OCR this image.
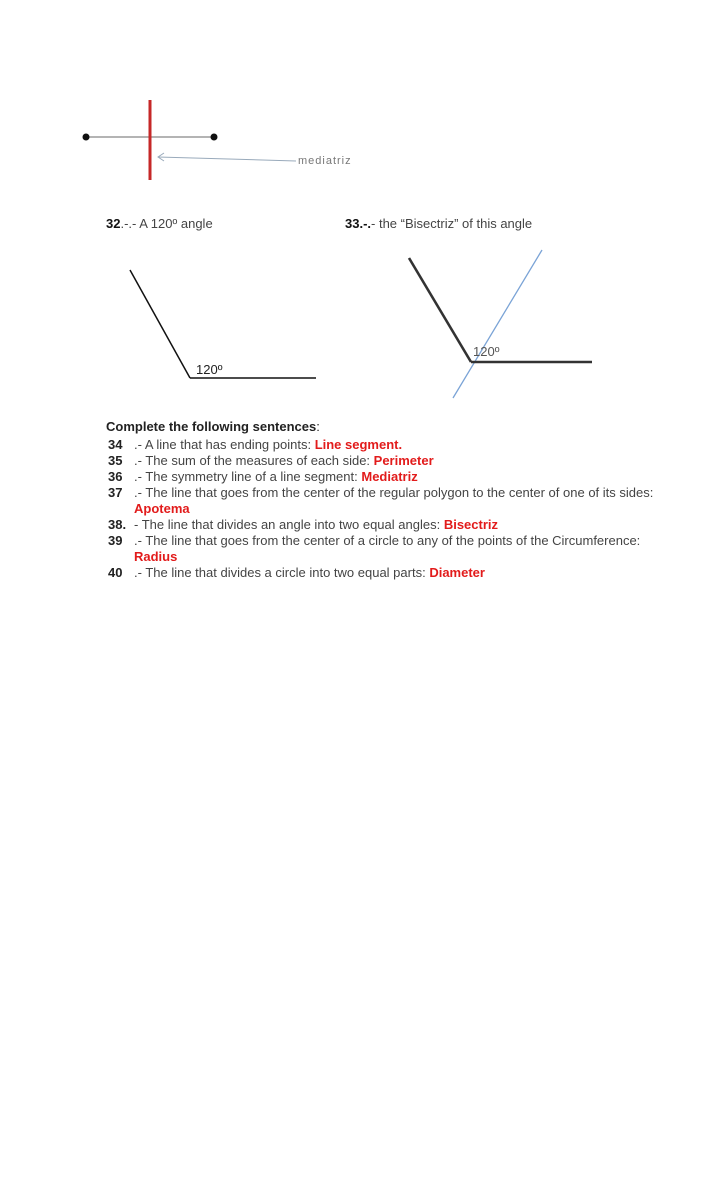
mediatriz
32.-.- A 120º angle	33.-.- the “Bisectriz” of this angle
120º
120º
Complete the following sentences:
34 .- A line that has ending points: Line segment.
35 .- The sum of the measures of each side: Perimeter
36 .- The symmetry line of a line segment: Mediatriz
37 .- The line that goes from the center of the regular polygon to the center of one of its sides: Apotema
38. - The line that divides an angle into two equal angles: Bisectriz
39 .- The line that goes from the center of a circle to any of the points of the Circumference: Radius
40 .- The line that divides a circle into two equal parts: Diameter
